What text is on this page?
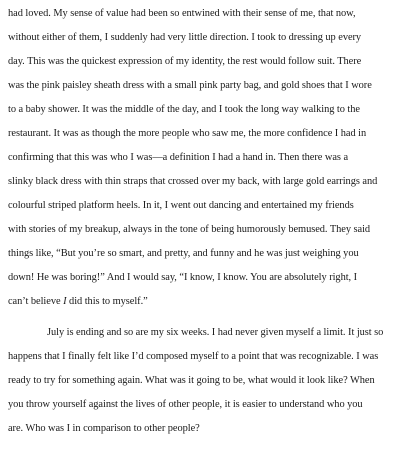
had loved. My sense of value had been so entwined with their sense of me, that now,

without either of them, I suddenly had very little direction. I took to dressing up every

day. This was the quickest expression of my identity, the rest would follow suit. There

was the pink paisley sheath dress with a small pink party bag, and gold shoes that I wore

to a baby shower. It was the middle of the day, and I took the long way walking to the

restaurant. It was as though the more people who saw me, the more confidence I had in

confirming that this was who I was—a definition I had a hand in. Then there was a

slinky black dress with thin straps that crossed over my back, with large gold earrings and

colourful striped platform heels. In it, I went out dancing and entertained my friends

with stories of my breakup, always in the tone of being humorously bemused. They said

things like, “But you’re so smart, and pretty, and funny and he was just weighing you

down! He was boring!” And I would say, “I know, I know. You are absolutely right, I

can’t believe I did this to myself.”

July is ending and so are my six weeks. I had never given myself a limit. It just so

happens that I finally felt like I’d composed myself to a point that was recognizable. I was

ready to try for something again. What was it going to be, what would it look like? When

you throw yourself against the lives of other people, it is easier to understand who you

are. Who was I in comparison to other people?
